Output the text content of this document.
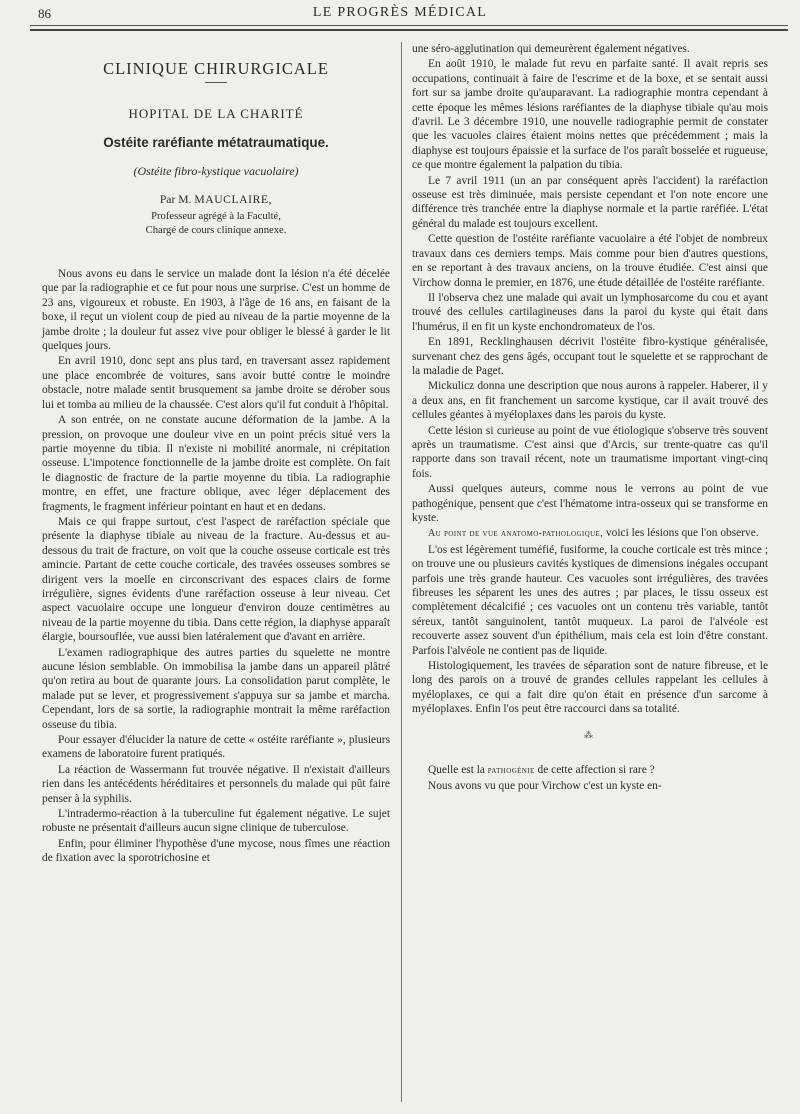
86	LE PROGRÈS MÉDICAL
CLINIQUE CHIRURGICALE
HOPITAL DE LA CHARITÉ
Ostéite raréfiante métatraumatique.
(Ostéite fibro-kystique vacuolaire)
Par M. MAUCLAIRE,
Professeur agrégé à la Faculté,
Chargé de cours clinique annexe.

Nous avons eu dans le service un malade dont la lésion n'a été décelée que par la radiographie et ce fut pour nous une surprise. C'est un homme de 23 ans, vigoureux et robuste. En 1903, à l'âge de 16 ans, en faisant de la boxe, il reçut un violent coup de pied au niveau de la partie moyenne de la jambe droite ; la douleur fut assez vive pour obliger le blessé à garder le lit quelques jours.

En avril 1910, donc sept ans plus tard, en traversant assez rapidement une place encombrée de voitures, sans avoir butté contre le moindre obstacle, notre malade sentit brusquement sa jambe droite se dérober sous lui et tomba au milieu de la chaussée. C'est alors qu'il fut conduit à l'hôpital.

A son entrée, on ne constate aucune déformation de la jambe. A la pression, on provoque une douleur vive en un point précis situé vers la partie moyenne du tibia. Il n'existe ni mobilité anormale, ni crépitation osseuse. L'impotence fonctionnelle de la jambe droite est complète. On fait le diagnostic de fracture de la partie moyenne du tibia. La radiographie montre, en effet, une fracture oblique, avec léger déplacement des fragments, le fragment inférieur pointant en haut et en dedans.

Mais ce qui frappe surtout, c'est l'aspect de raréfaction spéciale que présente la diaphyse tibiale au niveau de la fracture. Au-dessus et au-dessous du trait de fracture, on voit que la couche osseuse corticale est très amincie. Partant de cette couche corticale, des travées osseuses sombres se dirigent vers la moelle en circonscrivant des espaces clairs de forme irrégulière, signes évidents d'une raréfaction osseuse à leur niveau. Cet aspect vacuolaire occupe une longueur d'environ douze centimètres au niveau de la partie moyenne du tibia. Dans cette région, la diaphyse apparaît élargie, boursouflée, vue aussi bien latéralement que d'avant en arrière.

L'examen radiographique des autres parties du squelette ne montre aucune lésion semblable. On immobilisa la jambe dans un appareil plâtré qu'on retira au bout de quarante jours. La consolidation parut complète, le malade put se lever, et progressivement s'appuya sur sa jambe et marcha. Cependant, lors de sa sortie, la radiographie montrait la même raréfaction osseuse du tibia.

Pour essayer d'élucider la nature de cette « ostéite raréfiante », plusieurs examens de laboratoire furent pratiqués.

La réaction de Wassermann fut trouvée négative. Il n'existait d'ailleurs rien dans les antécédents héréditaires et personnels du malade qui pût faire penser à la syphilis.

L'intradermo-réaction à la tuberculine fut également négative. Le sujet robuste ne présentait d'ailleurs aucun signe clinique de tuberculose.

Enfin, pour éliminer l'hypothèse d'une mycose, nous fîmes une réaction de fixation avec la sporotrichosine et

une séro-agglutination qui demeurèrent également négatives.

En août 1910, le malade fut revu en parfaite santé. Il avait repris ses occupations, continuait à faire de l'escrime et de la boxe, et se sentait aussi fort sur sa jambe droite qu'auparavant. La radiographie montra cependant à cette époque les mêmes lésions raréfiantes de la diaphyse tibiale qu'au mois d'avril. Le 3 décembre 1910, une nouvelle radiographie permit de constater que les vacuoles claires étaient moins nettes que précédemment ; mais la diaphyse est toujours épaissie et la surface de l'os paraît bosselée et rugueuse, ce que montre également la palpation du tibia.

Le 7 avril 1911 (un an par conséquent après l'accident) la raréfaction osseuse est très diminuée, mais persiste cependant et l'on note encore une différence très tranchée entre la diaphyse normale et la partie raréfiée. L'état général du malade est toujours excellent.

Cette question de l'ostéite raréfiante vacuolaire a été l'objet de nombreux travaux dans ces derniers temps. Mais comme pour bien d'autres questions, en se reportant à des travaux anciens, on la trouve étudiée. C'est ainsi que Virchow donna le premier, en 1876, une étude détaillée de l'ostéite raréfiante.

Il l'observa chez une malade qui avait un lymphosarcome du cou et ayant trouvé des cellules cartilagineuses dans la paroi du kyste qui était dans l'humérus, il en fit un kyste enchondromateux de l'os.

En 1891, Recklinghausen décrivit l'ostéite fibro-kystique généralisée, survenant chez des gens âgés, occupant tout le squelette et se rapprochant de la maladie de Paget.

Mickulicz donna une description que nous aurons à rappeler. Haberer, il y a deux ans, en fit franchement un sarcome kystique, car il avait trouvé des cellules géantes à myéloplaxes dans les parois du kyste.

Cette lésion si curieuse au point de vue étiologique s'observe très souvent après un traumatisme. C'est ainsi que d'Arcis, sur trente-quatre cas qu'il rapporte dans son travail récent, note un traumatisme important vingt-cinq fois.

Aussi quelques auteurs, comme nous le verrons au point de vue pathogénique, pensent que c'est l'hématome intra-osseux qui se transforme en kyste.

Au point de vue anatomo-pathologique, voici les lésions que l'on observe.

L'os est légèrement tuméfié, fusiforme, la couche corticale est très mince ; on trouve une ou plusieurs cavités kystiques de dimensions inégales occupant parfois une très grande hauteur. Ces vacuoles sont irrégulières, des travées fibreuses les séparent les unes des autres ; par places, le tissu osseux est complètement décalcifié ; ces vacuoles ont un contenu très variable, tantôt séreux, tantôt sanguinolent, tantôt muqueux. La paroi de l'alvéole est recouverte assez souvent d'un épithélium, mais cela est loin d'être constant. Parfois l'alvéole ne contient pas de liquide.

Histologiquement, les travées de séparation sont de nature fibreuse, et le long des parois on a trouvé de grandes cellules rappelant les cellules à myéloplaxes, ce qui a fait dire qu'on était en présence d'un sarcome à myéloplaxes. Enfin l'os peut être raccourci dans sa totalité.

⁂

Quelle est la pathogénie de cette affection si rare ?

Nous avons vu que pour Virchow c'est un kyste en-
